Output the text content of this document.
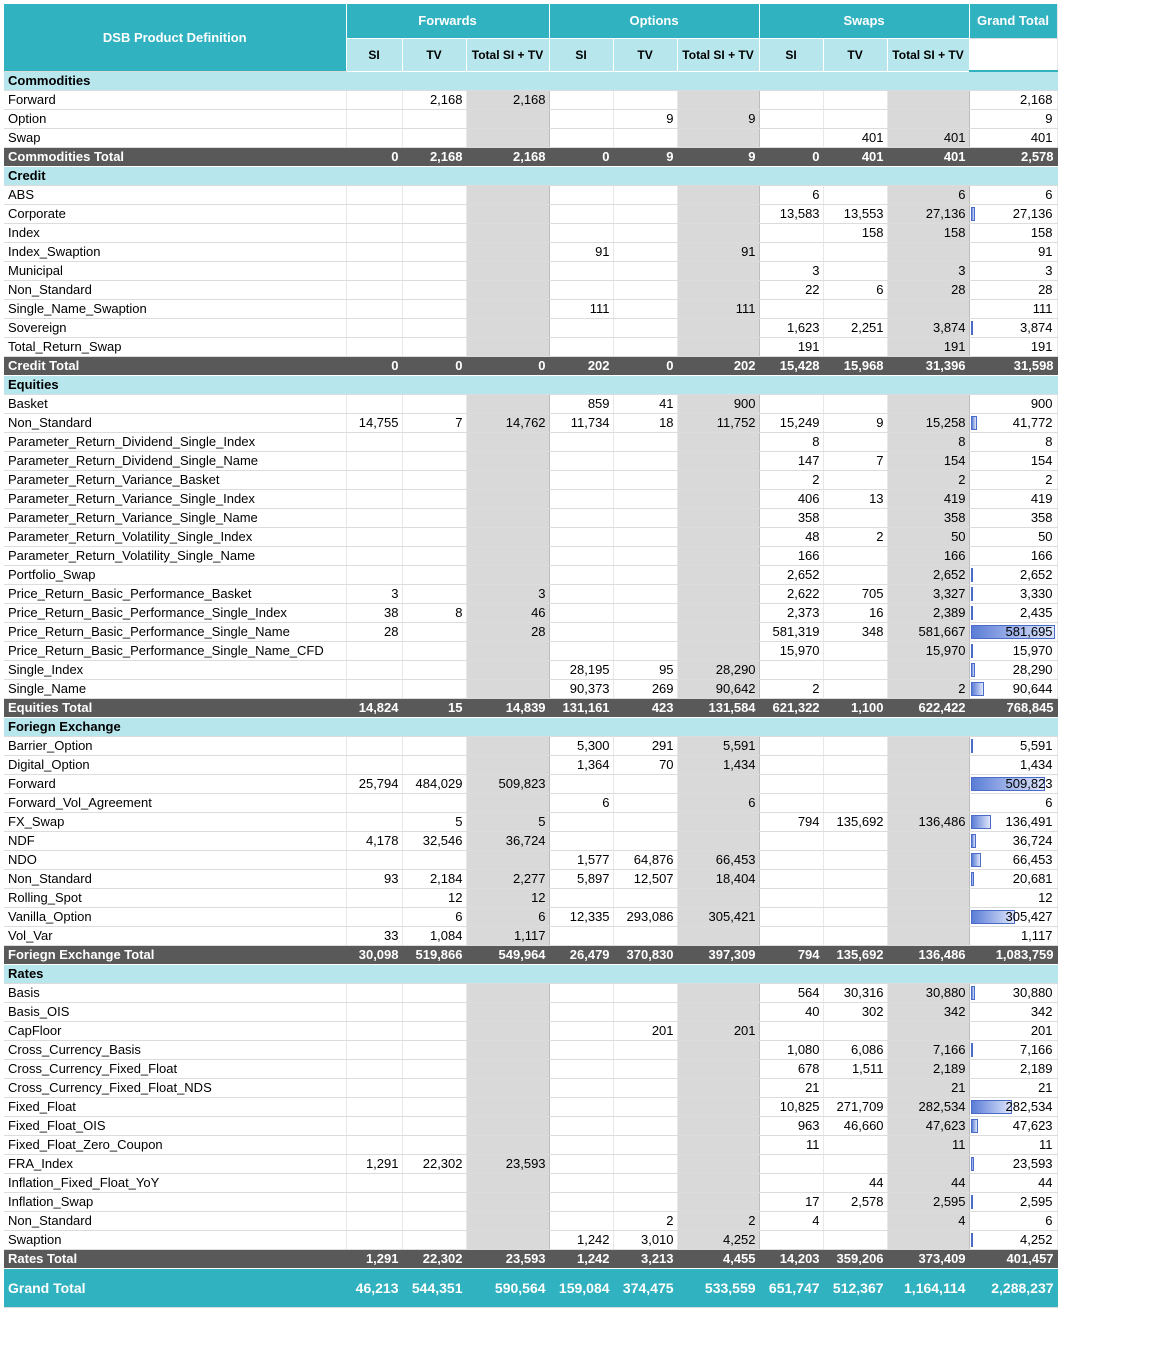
DSB Product Definition	Forwards			Options			Swaps			Grand Total
	SI	TV	Total SI + TV	SI	TV	Total SI + TV	SI	TV	Total SI + TV	
Commodities										
Forward		2,168	2,168							2,168
Option					9	9				9
Swap								401	401	401
Commodities Total	0	2,168	2,168	0	9	9	0	401	401	2,578
Credit										
ABS							6		6	6
Corporate							13,583	13,553	27,136	27,136
Index								158	158	158
Index_Swaption				91		91				91
Municipal							3		3	3
Non_Standard							22	6	28	28
Single_Name_Swaption				111		111				111
Sovereign							1,623	2,251	3,874	3,874
Total_Return_Swap							191		191	191
Credit Total	0	0	0	202	0	202	15,428	15,968	31,396	31,598
Equities										
Basket				859	41	900				900
Non_Standard	14,755	7	14,762	11,734	18	11,752	15,249	9	15,258	41,772
Parameter_Return_Dividend_Single_Index							8		8	8
Parameter_Return_Dividend_Single_Name							147	7	154	154
Parameter_Return_Variance_Basket							2		2	2
Parameter_Return_Variance_Single_Index							406	13	419	419
Parameter_Return_Variance_Single_Name							358		358	358
Parameter_Return_Volatility_Single_Index							48	2	50	50
Parameter_Return_Volatility_Single_Name							166		166	166
Portfolio_Swap							2,652		2,652	2,652
Price_Return_Basic_Performance_Basket	3		3				2,622	705	3,327	3,330
Price_Return_Basic_Performance_Single_Index	38	8	46				2,373	16	2,389	2,435
Price_Return_Basic_Performance_Single_Name	28		28				581,319	348	581,667	581,695
Price_Return_Basic_Performance_Single_Name_CFD							15,970		15,970	15,970
Single_Index				28,195	95	28,290				28,290
Single_Name				90,373	269	90,642	2		2	90,644
Equities Total	14,824	15	14,839	131,161	423	131,584	621,322	1,100	622,422	768,845
Foriegn Exchange										
Barrier_Option				5,300	291	5,591				5,591
Digital_Option				1,364	70	1,434				1,434
Forward	25,794	484,029	509,823							509,823
Forward_Vol_Agreement				6		6				6
FX_Swap		5	5				794	135,692	136,486	136,491
NDF	4,178	32,546	36,724							36,724
NDO				1,577	64,876	66,453				66,453
Non_Standard	93	2,184	2,277	5,897	12,507	18,404				20,681
Rolling_Spot		12	12							12
Vanilla_Option		6	6	12,335	293,086	305,421				305,427
Vol_Var	33	1,084	1,117							1,117
Foriegn Exchange Total	30,098	519,866	549,964	26,479	370,830	397,309	794	135,692	136,486	1,083,759
Rates										
Basis							564	30,316	30,880	30,880
Basis_OIS							40	302	342	342
CapFloor					201	201				201
Cross_Currency_Basis							1,080	6,086	7,166	7,166
Cross_Currency_Fixed_Float							678	1,511	2,189	2,189
Cross_Currency_Fixed_Float_NDS							21		21	21
Fixed_Float							10,825	271,709	282,534	282,534
Fixed_Float_OIS							963	46,660	47,623	47,623
Fixed_Float_Zero_Coupon							11		11	11
FRA_Index	1,291	22,302	23,593							23,593
Inflation_Fixed_Float_YoY								44	44	44
Inflation_Swap							17	2,578	2,595	2,595
Non_Standard					2	2	4		4	6
Swaption				1,242	3,010	4,252				4,252
Rates Total	1,291	22,302	23,593	1,242	3,213	4,455	14,203	359,206	373,409	401,457
Grand Total	46,213	544,351	590,564	159,084	374,475	533,559	651,747	512,367	1,164,114	2,288,237
